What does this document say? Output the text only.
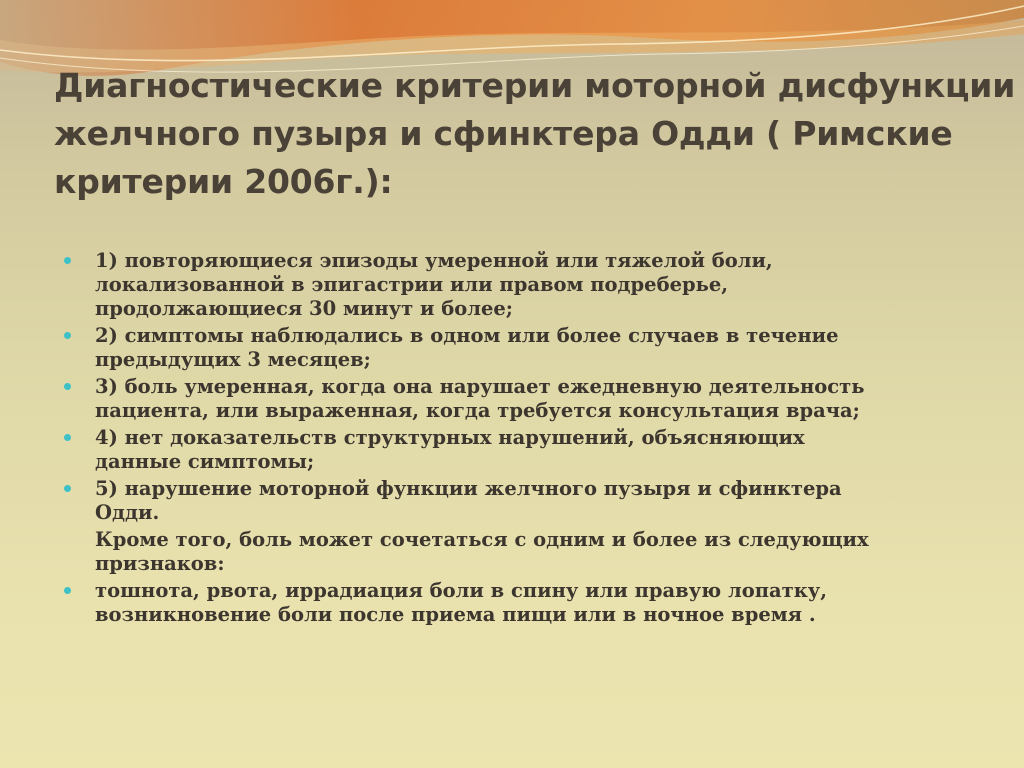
Диагностические критерии моторной дисфункции
желчного пузыря и сфинктера Одди ( Римские
критерии 2006г.):
1) повторяющиеся эпизоды умеренной или тяжелой боли,
локализованной в эпигастрии или правом подреберье,
продолжающиеся 30 минут и более;
2) симптомы наблюдались в одном или более случаев в течение
предыдущих 3 месяцев;
3) боль умеренная, когда она нарушает ежедневную деятельность
пациента, или выраженная, когда требуется консультация врача;
4) нет доказательств структурных нарушений, объясняющих
данные симптомы;
5) нарушение моторной функции желчного пузыря и сфинктера
Одди.
Кроме того, боль может сочетаться с одним и более из следующих
признаков:
тошнота, рвота, иррадиация боли в спину или правую лопатку,
возникновение боли после приема пищи или в ночное время .
